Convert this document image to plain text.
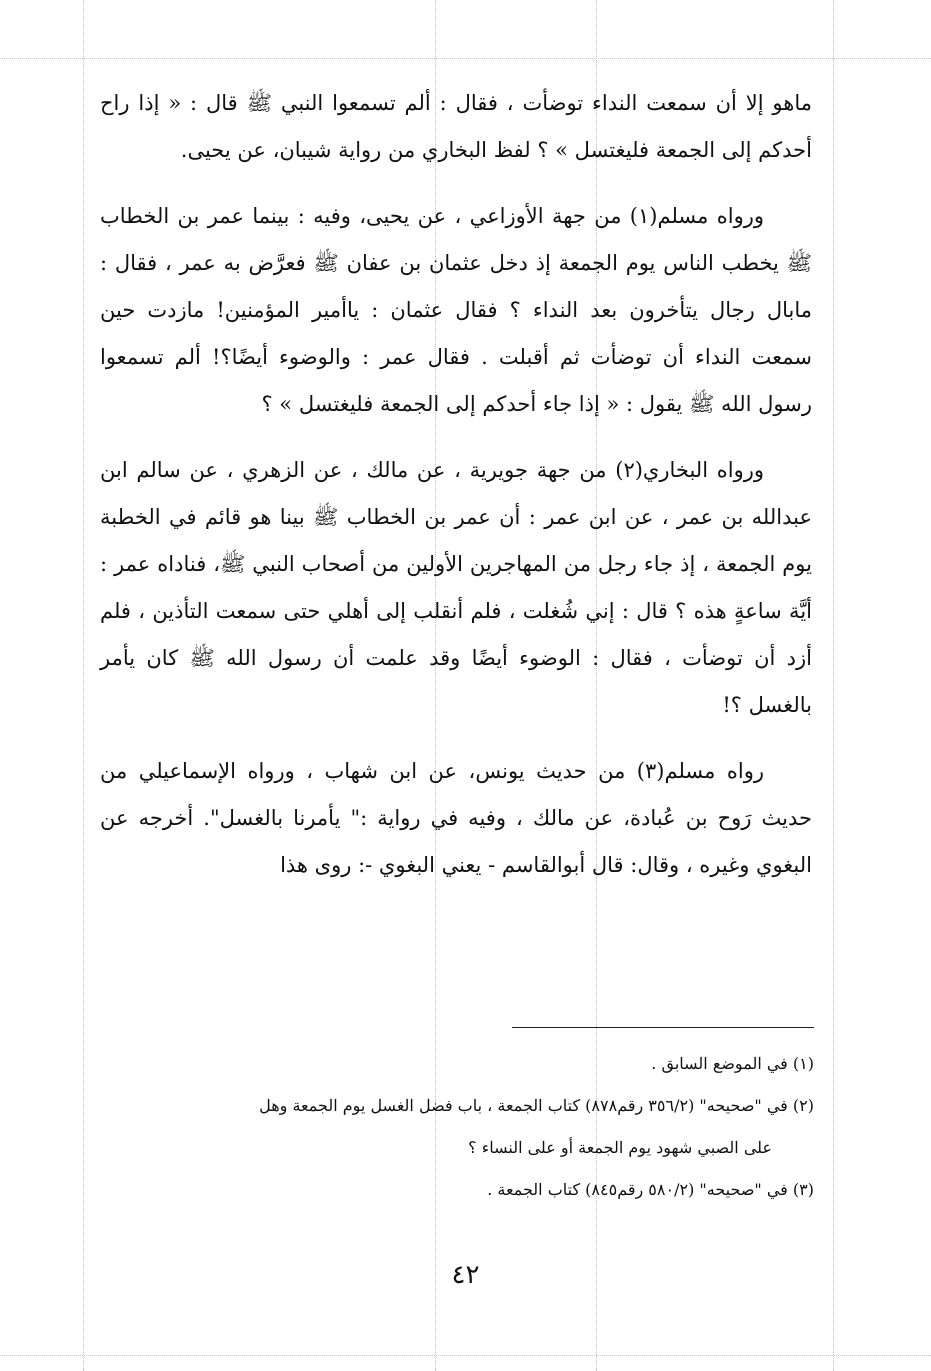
ماهو إلا أن سمعت النداء توضأت ، فقال : ألم تسمعوا النبي ﷺ قال : « إذا راح أحدكم إلى الجمعة فليغتسل » ؟ لفظ البخاري من رواية شيبان، عن يحيى.

ورواه مسلم(١) من جهة الأوزاعي ، عن يحيى، وفيه : بينما عمر بن الخطاب ﷺ يخطب الناس يوم الجمعة إذ دخل عثمان بن عفان ﷺ فعرَّض به عمر ، فقال : مابال رجال يتأخرون بعد النداء ؟ فقال عثمان : ياأمير المؤمنين! مازدت حين سمعت النداء أن توضأت ثم أقبلت . فقال عمر : والوضوء أيضًا؟! ألم تسمعوا رسول الله ﷺ يقول : « إذا جاء أحدكم إلى الجمعة فليغتسل » ؟

ورواه البخاري(٢) من جهة جويرية ، عن مالك ، عن الزهري ، عن سالم ابن عبدالله بن عمر ، عن ابن عمر : أن عمر بن الخطاب ﷺ بينا هو قائم في الخطبة يوم الجمعة ، إذ جاء رجل من المهاجرين الأولين من أصحاب النبي ﷺ، فناداه عمر : أيَّة ساعةٍ هذه ؟ قال : إني شُغلت ، فلم أنقلب إلى أهلي حتى سمعت التأذين ، فلم أزد أن توضأت ، فقال : الوضوء أيضًا وقد علمت أن رسول الله ﷺ كان يأمر بالغسل ؟!

رواه مسلم(٣) من حديث يونس، عن ابن شهاب ، ورواه الإسماعيلي من حديث رَوح بن عُبادة، عن مالك ، وفيه في رواية :" يأمرنا بالغسل". أخرجه عن البغوي وغيره ، وقال: قال أبوالقاسم - يعني البغوي -: روى هذا

(١) في الموضع السابق .

(٢) في "صحيحه" (٣٥٦/٢ رقم٨٧٨) كتاب الجمعة ، باب فضل الغسل يوم الجمعة وهل

على الصبي شهود يوم الجمعة أو على النساء ؟

(٣) في "صحيحه" (٥٨٠/٢ رقم٨٤٥) كتاب الجمعة .

٤٢
